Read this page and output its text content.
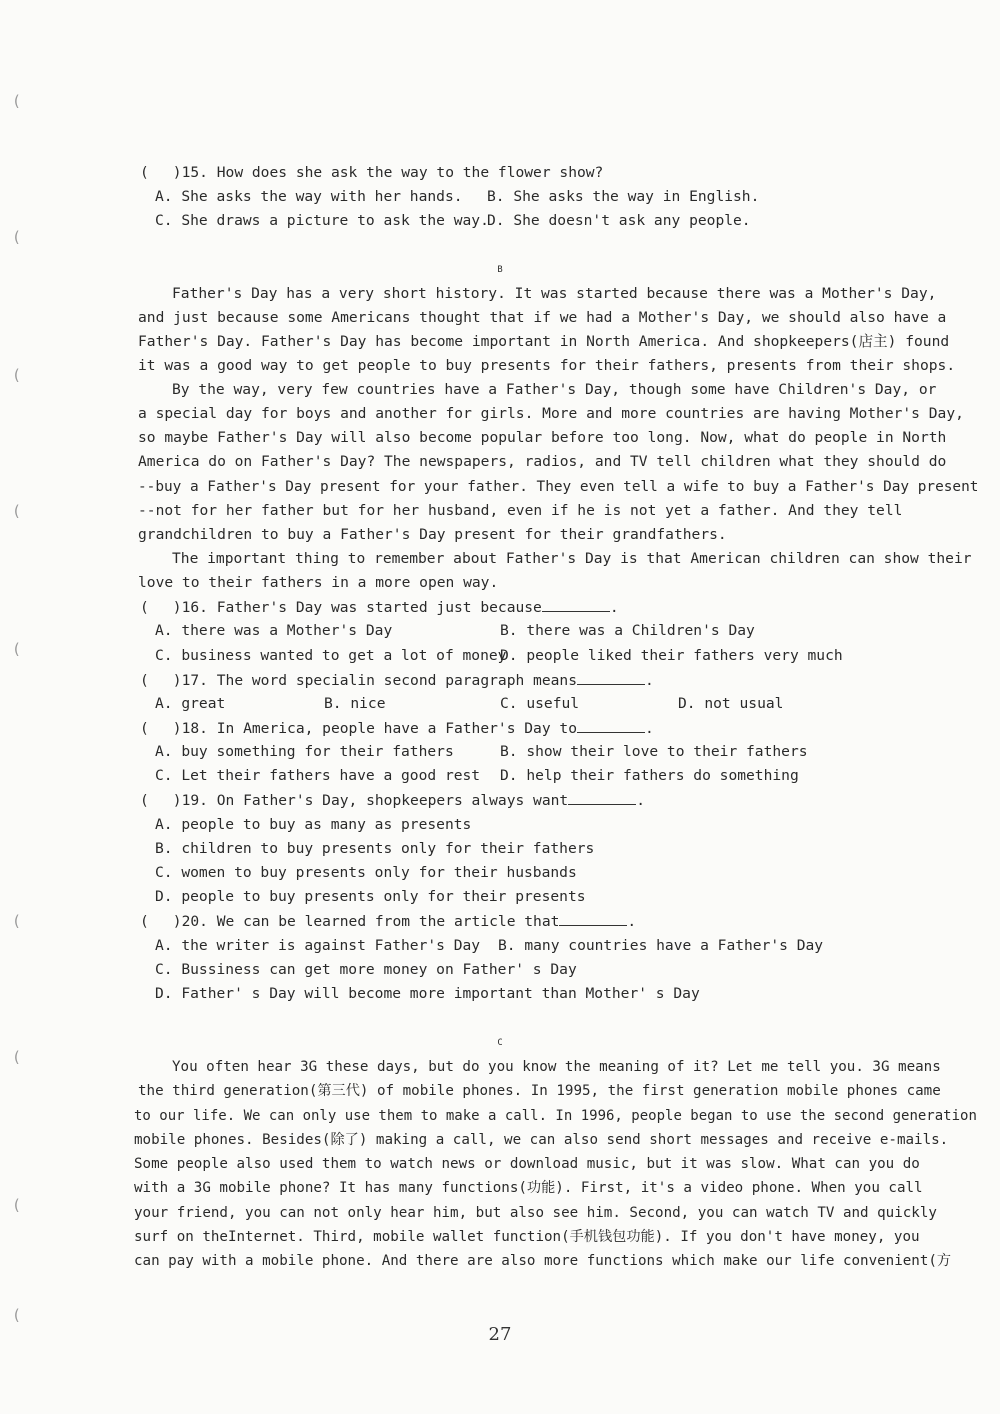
(
(
(
(
(
(
(
(
(
( )15. How does she ask the way to the flower show?
A. She asks the way with her hands. B. She asks the way in English.
C. She draws a picture to ask the way.
D. She doesn't ask any people.
B
Father's Day has a very short history. It was started because there was a Mother's Day,
and just because some Americans thought that if we had a Mother's Day, we should also have a
Father's Day. Father's Day has become important in North America. And shopkeepers(店主) found
it was a good way to get people to buy presents for their fathers, presents from their shops.
By the way, very few countries have a Father's Day, though some have Children's Day, or
a special day for boys and another for girls. More and more countries are having Mother's Day,
so maybe Father's Day will also become popular before too long. Now, what do people in North
America do on Father's Day? The newspapers, radios, and TV tell children what they should do
--buy a Father's Day present for your father. They even tell a wife to buy a Father's Day present
--not for her father but for her husband, even if he is not yet a father. And they tell
grandchildren to buy a Father's Day present for their grandfathers.
The important thing to remember about Father's Day is that American children can show their
love to their fathers in a more open way.
( )16. Father's Day was started just because	.
A. there was a Mother's Day	B. there was a Children's Day
C. business wanted to get a lot of money
D. people liked their fathers very much
( )17. The word specialin second paragraph means	.
A. great	B. nice	C. useful	D. not usual
( )18. In America, people have a Father's Day to	.
A. buy something for their fathers	B. show their love to their fathers
C. Let their fathers have a good rest D. help their fathers do something
( )19. On Father's Day, shopkeepers always want	.
A. people to buy as many as presents
B. children to buy presents only for their fathers
C. women to buy presents only for their husbands
D. people to buy presents only for their presents
( )20. We can be learned from the article that	.
A. the writer is against Father's Day B. many countries have a Father's Day
C. Bussiness can get more money on Father' s Day
D. Father' s Day will become more important than Mother' s Day
C
You often hear 3G these days, but do you know the meaning of it? Let me tell you. 3G means
the third generation(第三代) of mobile phones. In 1995, the first generation mobile phones came
to our life. We can only use them to make a call. In 1996, people began to use the second generation
mobile phones. Besides(除了) making a call, we can also send short messages and receive e-mails.
Some people also used them to watch news or download music, but it was slow. What can you do
with a 3G mobile phone? It has many functions(功能). First, it's a video phone. When you call
your friend, you can not only hear him, but also see him. Second, you can watch TV and quickly
surf on theInternet. Third, mobile wallet function(手机钱包功能). If you don't have money, you
can pay with a mobile phone. And there are also more functions which make our life convenient(方
27
